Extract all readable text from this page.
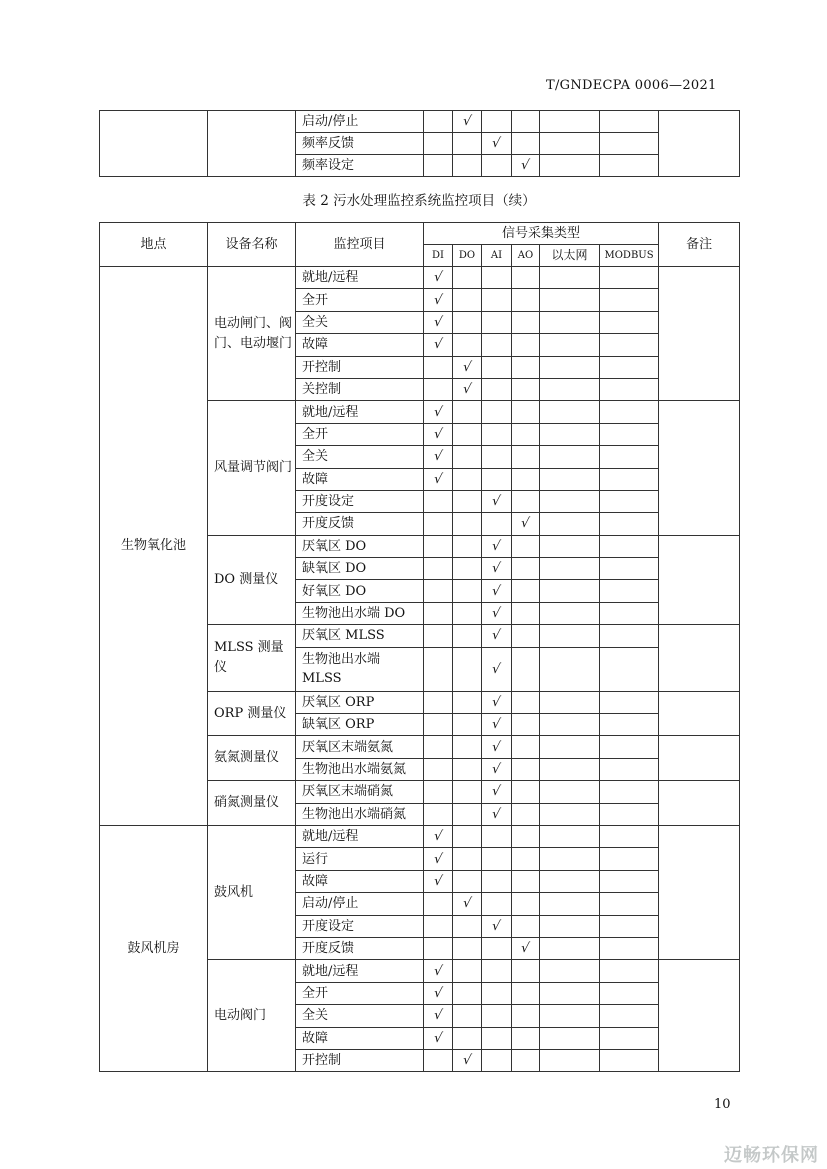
T/GNDECPA 0006—2021
		启动/停止		√					
		频率反馈			√				
		频率设定				√			
表 2 污水处理监控系统监控项目（续）
地点	设备名称	监控项目	信号采集类型						备注
			DI	DO	AI	AO	以太网	MODBUS	
生物氧化池	电动闸门、阀门、电动堰门	就地/远程	√						
		全开	√						
		全关	√						
		故障	√						
		开控制		√					
		关控制		√					
	风量调节阀门	就地/远程	√						
		全开	√						
		全关	√						
		故障	√						
		开度设定			√				
		开度反馈				√			
	DO 测量仪	厌氧区 DO			√				
		缺氧区 DO			√				
		好氧区 DO			√				
		生物池出水端 DO			√				
	MLSS 测量仪	厌氧区 MLSS			√				
		生物池出水端 MLSS			√				
	ORP 测量仪	厌氧区 ORP			√				
		缺氧区 ORP			√				
	氨氮测量仪	厌氧区末端氨氮			√				
		生物池出水端氨氮			√				
	硝氮测量仪	厌氧区末端硝氮			√				
		生物池出水端硝氮			√				
鼓风机房	鼓风机	就地/远程	√						
		运行	√						
		故障	√						
		启动/停止		√					
		开度设定			√				
		开度反馈				√			
	电动阀门	就地/远程	√						
		全开	√						
		全关	√						
		故障	√						
		开控制		√					
10
迈畅环保网
